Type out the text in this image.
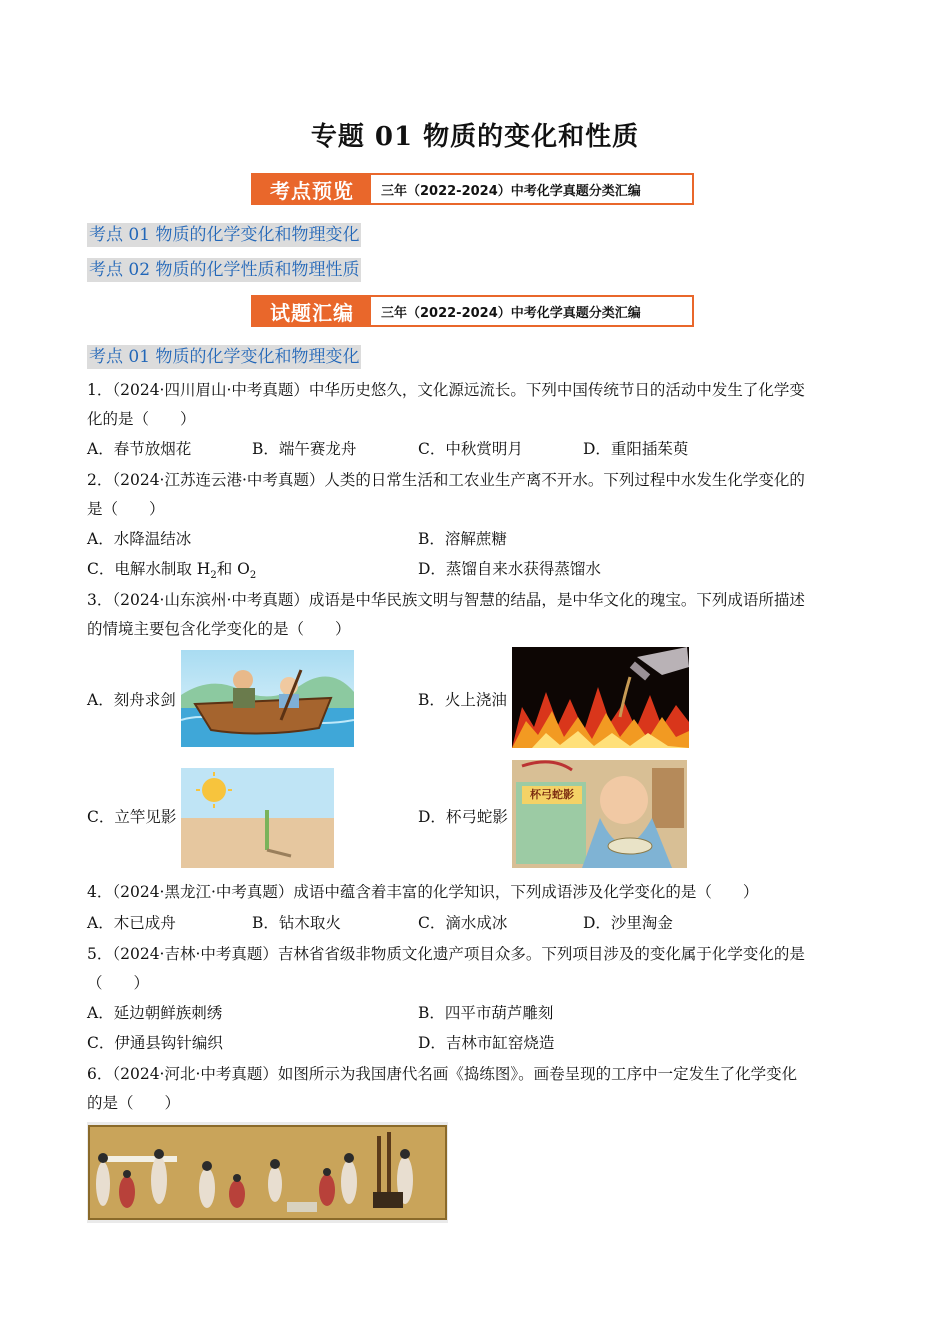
专题 01 物质的变化和性质
考点预览	三年（2022-2024）中考化学真题分类汇编
考点 01 物质的化学变化和物理变化
考点 02 物质的化学性质和物理性质
试题汇编	三年（2022-2024）中考化学真题分类汇编
考点 01 物质的化学变化和物理变化
1．（2024·四川眉山·中考真题）中华历史悠久，文化源远流长。下列中国传统节日的活动中发生了化学变
化的是（　　）
A．春节放烟花	B．端午赛龙舟	C．中秋赏明月	D．重阳插茱萸
2．（2024·江苏连云港·中考真题）人类的日常生活和工农业生产离不开水。下列过程中水发生化学变化的
是（　　）
A．水降温结冰	B．溶解蔗糖
C．电解水制取 $H_2$和 $O_2$	D．蒸馏自来水获得蒸馏水
3．（2024·山东滨州·中考真题）成语是中华民族文明与智慧的结晶，是中华文化的瑰宝。下列成语所描述
的情境主要包含化学变化的是（　　）
A．刻舟求剑	B．火上浇油
C．立竿见影	D．杯弓蛇影
杯弓蛇影
4．（2024·黑龙江·中考真题）成语中蕴含着丰富的化学知识，下列成语涉及化学变化的是（　　）
A．木已成舟	B．钻木取火	C．滴水成冰	D．沙里淘金
5．（2024·吉林·中考真题）吉林省省级非物质文化遗产项目众多。下列项目涉及的变化属于化学变化的是
（　　）
A．延边朝鲜族刺绣	B．四平市葫芦雕刻
C．伊通县钩针编织	D．吉林市缸窑烧造
6．（2024·河北·中考真题）如图所示为我国唐代名画《捣练图》。画卷呈现的工序中一定发生了化学变化
的是（　　）
